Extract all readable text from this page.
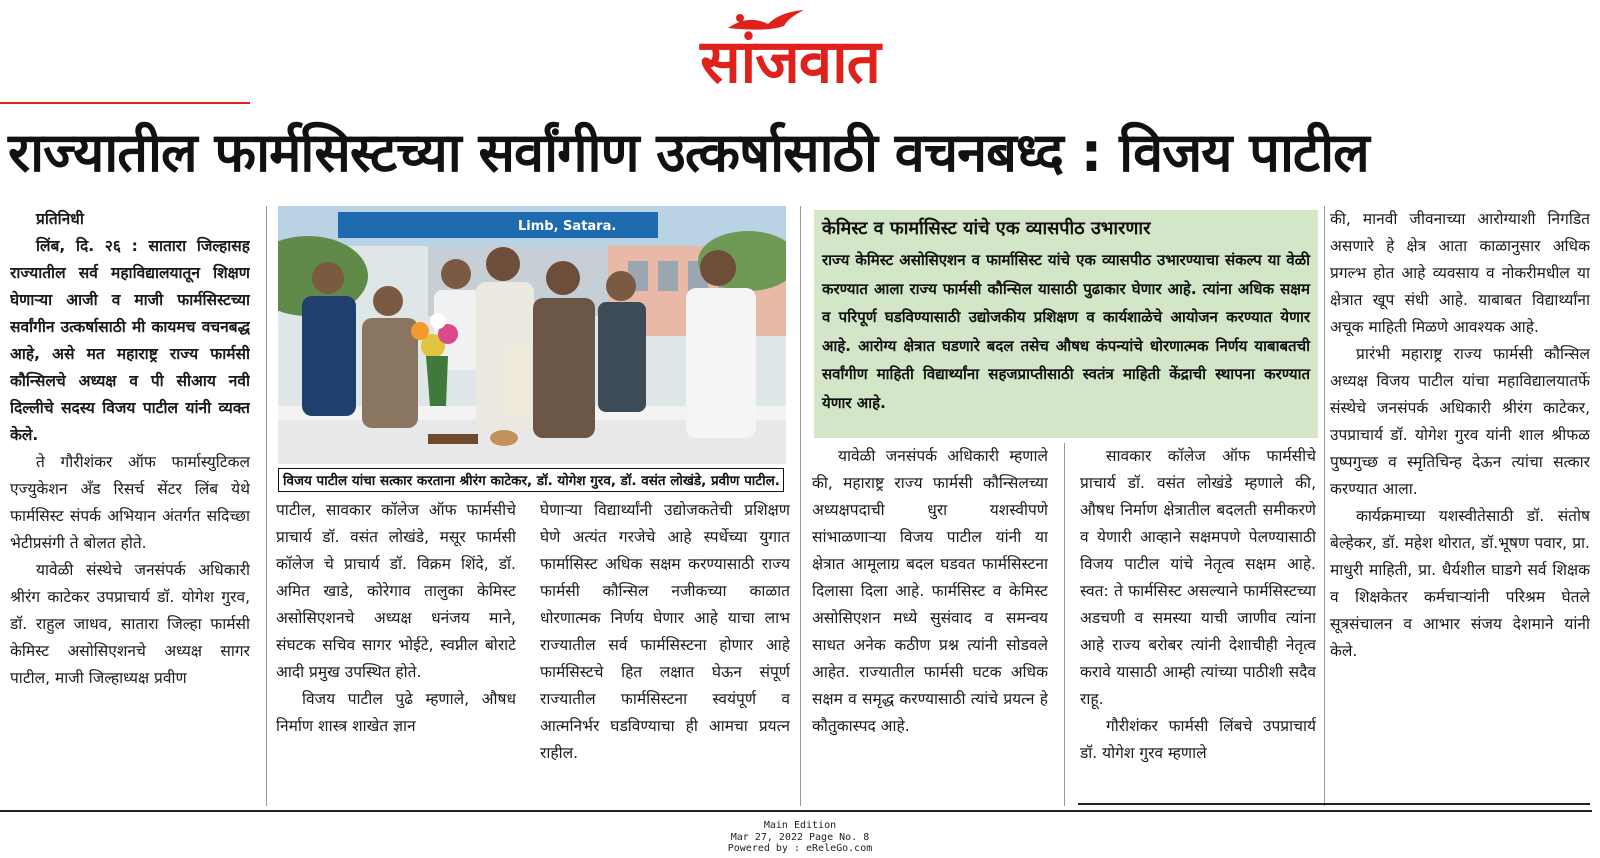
सांजवात
राज्यातील फार्मसिस्टच्या सर्वांगीण उत्कर्षासाठी वचनबध्द : विजय पाटील

प्रतिनिधी

लिंब, दि. २६ : सातारा जिल्हासह राज्यातील सर्व महाविद्यालयातून शिक्षण घेणाऱ्या आजी व माजी फार्मसिस्टच्या सर्वांगीन उत्कर्षासाठी मी कायमच वचनबद्ध आहे, असे मत महाराष्ट्र राज्य फार्मसी कौन्सिलचे अध्यक्ष व पी सीआय नवी दिल्लीचे सदस्य विजय पाटील यांनी व्यक्त केले.

ते गौरीशंकर ऑफ फार्मास्युटिकल एज्युकेशन अँड रिसर्च सेंटर लिंब येथे फार्मसिस्ट संपर्क अभियान अंतर्गत सदिच्छा भेटीप्रसंगी ते बोलत होते.

यावेळी संस्थेचे जनसंपर्क अधिकारी श्रीरंग काटेकर उपप्राचार्य डॉ. योगेश गुरव, डॉ. राहुल जाधव, सातारा जिल्हा फार्मसी केमिस्ट असोसिएशनचे अध्यक्ष सागर पाटील, माजी जिल्हाध्यक्ष प्रवीण

Limb, Satara.
विजय पाटील यांचा सत्कार करताना श्रीरंग काटेकर, डॉ. योगेश गुरव, डॉ. वसंत लोखंडे, प्रवीण पाटील.

पाटील, सावकार कॉलेज ऑफ फार्मसीचे प्राचार्य डॉ. वसंत लोखंडे, मसूर फार्मसी कॉलेज चे प्राचार्य डॉ. विक्रम शिंदे, डॉ. अमित खाडे, कोरेगाव तालुका केमिस्ट असोसिएशनचे अध्यक्ष धनंजय माने, संघटक सचिव सागर भोईटे, स्वप्नील बोराटे आदी प्रमुख उपस्थित होते.

विजय पाटील पुढे म्हणाले, औषध निर्माण शास्त्र शाखेत ज्ञान

घेणाऱ्या विद्यार्थ्यांनी उद्योजकतेची प्रशिक्षण घेणे अत्यंत गरजेचे आहे स्पर्धेच्या युगात फार्मासिस्ट अधिक सक्षम करण्यासाठी राज्य फार्मसी कौन्सिल नजीकच्या काळात धोरणात्मक निर्णय घेणार आहे याचा लाभ राज्यातील सर्व फार्मसिस्टना होणार आहे फार्मसिस्टचे हित लक्षात घेऊन संपूर्ण राज्यातील फार्मसिस्टना स्वयंपूर्ण व आत्मनिर्भर घडविण्याचा ही आमचा प्रयत्न राहील.

केमिस्ट व फार्मासिस्ट यांचे एक व्यासपीठ उभारणार
राज्य केमिस्ट असोसिएशन व फार्मासिस्ट यांचे एक व्यासपीठ उभारण्याचा संकल्प या वेळी करण्यात आला राज्य फार्मसी कौन्सिल यासाठी पुढाकार घेणार आहे. त्यांना अधिक सक्षम व परिपूर्ण घडविण्यासाठी उद्योजकीय प्रशिक्षण व कार्यशाळेचे आयोजन करण्यात येणार आहे. आरोग्य क्षेत्रात घडणारे बदल तसेच औषध कंपन्यांचे धोरणात्मक निर्णय याबाबतची सर्वांगीण माहिती विद्यार्थ्यांना सहजप्राप्तीसाठी स्वतंत्र माहिती केंद्राची स्थापना करण्यात येणार आहे.

यावेळी जनसंपर्क अधिकारी म्हणाले की, महाराष्ट्र राज्य फार्मसी कौन्सिलच्या अध्यक्षपदाची धुरा यशस्वीपणे सांभाळणाऱ्या विजय पाटील यांनी या क्षेत्रात आमूलाग्र बदल घडवत फार्मसिस्टना दिलासा दिला आहे. फार्मसिस्ट व केमिस्ट असोसिएशन मध्ये सुसंवाद व समन्वय साधत अनेक कठीण प्रश्न त्यांनी सोडवले आहेत. राज्यातील फार्मसी घटक अधिक सक्षम व समृद्ध करण्यासाठी त्यांचे प्रयत्न हे कौतुकास्पद आहे.

सावकार कॉलेज ऑफ फार्मसीचे प्राचार्य डॉ. वसंत लोखंडे म्हणाले की, औषध निर्माण क्षेत्रातील बदलती समीकरणे व येणारी आव्हाने सक्षमपणे पेलण्यासाठी विजय पाटील यांचे नेतृत्व सक्षम आहे. स्वत: ते फार्मसिस्ट असल्याने फार्मसिस्टच्या अडचणी व समस्या याची जाणीव त्यांना आहे राज्य बरोबर त्यांनी देशाचीही नेतृत्व करावे यासाठी आम्ही त्यांच्या पाठीशी सदैव राहू.

गौरीशंकर फार्मसी लिंबचे उपप्राचार्य डॉ. योगेश गुरव म्हणाले

की, मानवी जीवनाच्या आरोग्याशी निगडित असणारे हे क्षेत्र आता काळानुसार अधिक प्रगल्भ होत आहे व्यवसाय व नोकरीमधील या क्षेत्रात खूप संधी आहे. याबाबत विद्यार्थ्यांना अचूक माहिती मिळणे आवश्यक आहे.

प्रारंभी महाराष्ट्र राज्य फार्मसी कौन्सिल अध्यक्ष विजय पाटील यांचा महाविद्यालयातर्फे संस्थेचे जनसंपर्क अधिकारी श्रीरंग काटेकर, उपप्राचार्य डॉ. योगेश गुरव यांनी शाल श्रीफळ पुष्पगुच्छ व स्मृतिचिन्ह देऊन त्यांचा सत्कार करण्यात आला.

कार्यक्रमाच्या यशस्वीतेसाठी डॉ. संतोष बेल्हेकर, डॉ. महेश थोरात, डॉ.भूषण पवार, प्रा. माधुरी माहिती, प्रा. धैर्यशील घाडगे सर्व शिक्षक व शिक्षकेतर कर्मचाऱ्यांनी परिश्रम घेतले सूत्रसंचालन व आभार संजय देशमाने यांनी केले.

Main Edition
Mar 27, 2022 Page No. 8
Powered by : eReleGo.com
